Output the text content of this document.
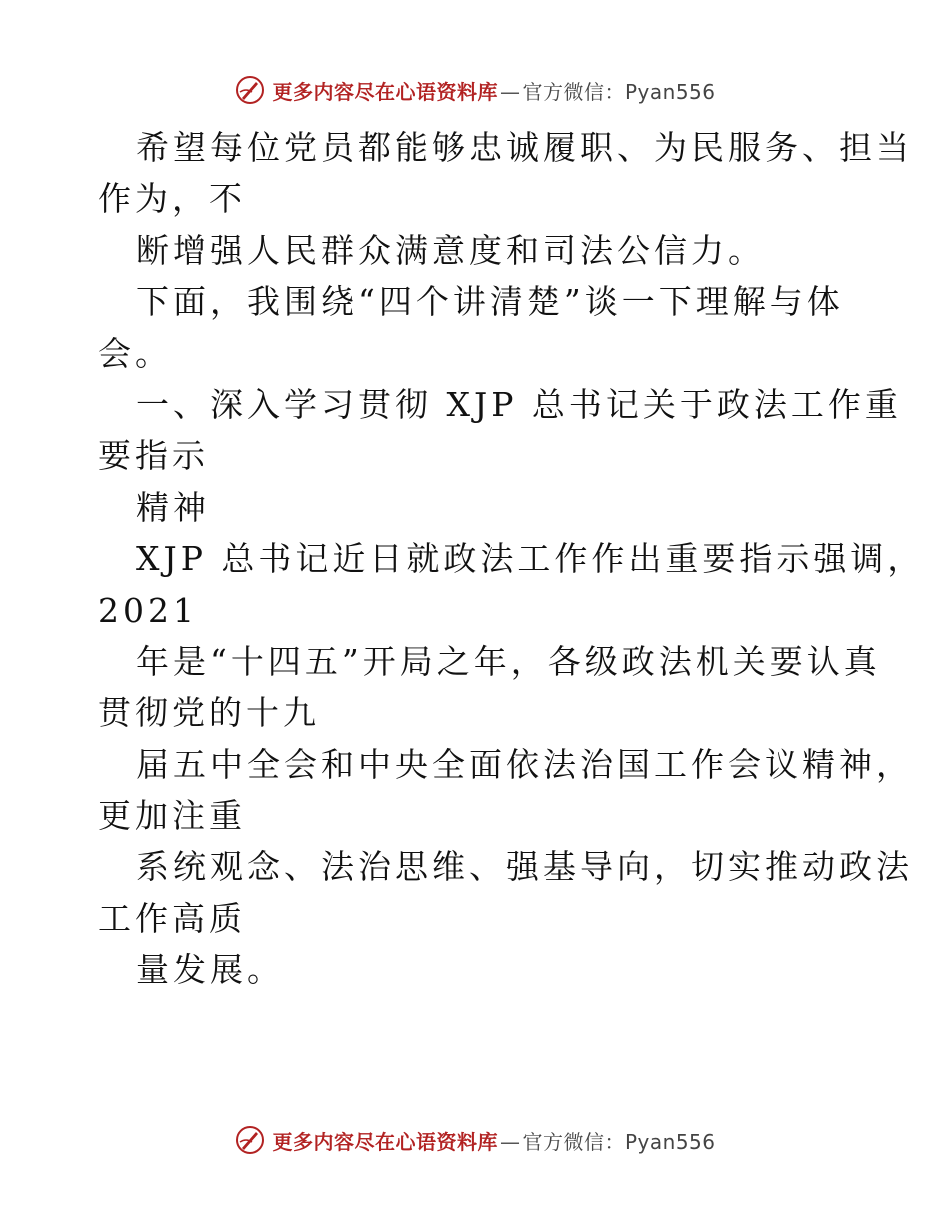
更多内容尽在心语资料库 — 官方微信： Pyan556
希望每位党员都能够忠诚履职、为民服务、担当
作为，不
断增强人民群众满意度和司法公信力。
下面，我围绕“四个讲清楚”谈一下理解与体
会。
一、深入学习贯彻 XJP 总书记关于政法工作重
要指示
精神
XJP 总书记近日就政法工作作出重要指示强调，
2021
年是“十四五”开局之年，各级政法机关要认真
贯彻党的十九
届五中全会和中央全面依法治国工作会议精神，
更加注重
系统观念、法治思维、强基导向，切实推动政法
工作高质
量发展。
更多内容尽在心语资料库 — 官方微信： Pyan556
